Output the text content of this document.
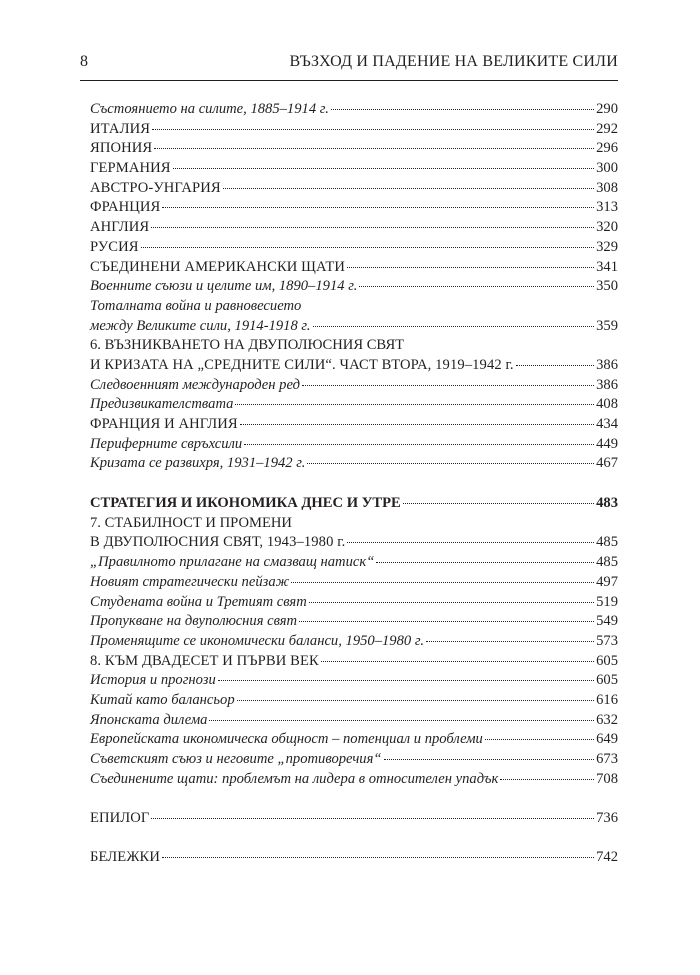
8	ВЪЗХОД И ПАДЕНИЕ НА ВЕЛИКИТЕ СИЛИ
Състоянието на силите, 1885–1914 г.	290
ИТАЛИЯ	292
ЯПОНИЯ	296
ГЕРМАНИЯ	300
АВСТРО-УНГАРИЯ	308
ФРАНЦИЯ	313
АНГЛИЯ	320
РУСИЯ	329
СЪЕДИНЕНИ АМЕРИКАНСКИ ЩАТИ	341
Военните съюзи и целите им, 1890–1914 г.	350
Тоталната война и равновесието
между Великите сили, 1914-1918 г.	359
6. ВЪЗНИКВАНЕТО НА ДВУПОЛЮСНИЯ СВЯТ
И КРИЗАТА НА „СРЕДНИТЕ СИЛИ“. ЧАСТ ВТОРА, 1919–1942 г.	386
Следвоенният международен ред	386
Предизвикателствата	408
ФРАНЦИЯ И АНГЛИЯ	434
Периферните свръхсили	449
Кризата се развихря, 1931–1942 г.	467
СТРАТЕГИЯ И ИКОНОМИКА ДНЕС И УТРЕ	483
7. СТАБИЛНОСТ И ПРОМЕНИ
В ДВУПОЛЮСНИЯ СВЯТ, 1943–1980 г.	485
„Правилното прилагане на смазващ натиск“	485
Новият стратегически пейзаж	497
Студената война и Третият свят	519
Пропукване на двуполюсния свят	549
Променящите се икономически баланси, 1950–1980 г.	573
8. КЪМ ДВАДЕСЕТ И ПЪРВИ ВЕК	605
История и прогнози	605
Китай като балансьор	616
Японската дилема	632
Европейската икономическа общност – потенциал и проблеми	649
Съветският съюз и неговите „противоречия“	673
Съединените щати: проблемът на лидера в относителен упадък	708
ЕПИЛОГ	736
БЕЛЕЖКИ	742
